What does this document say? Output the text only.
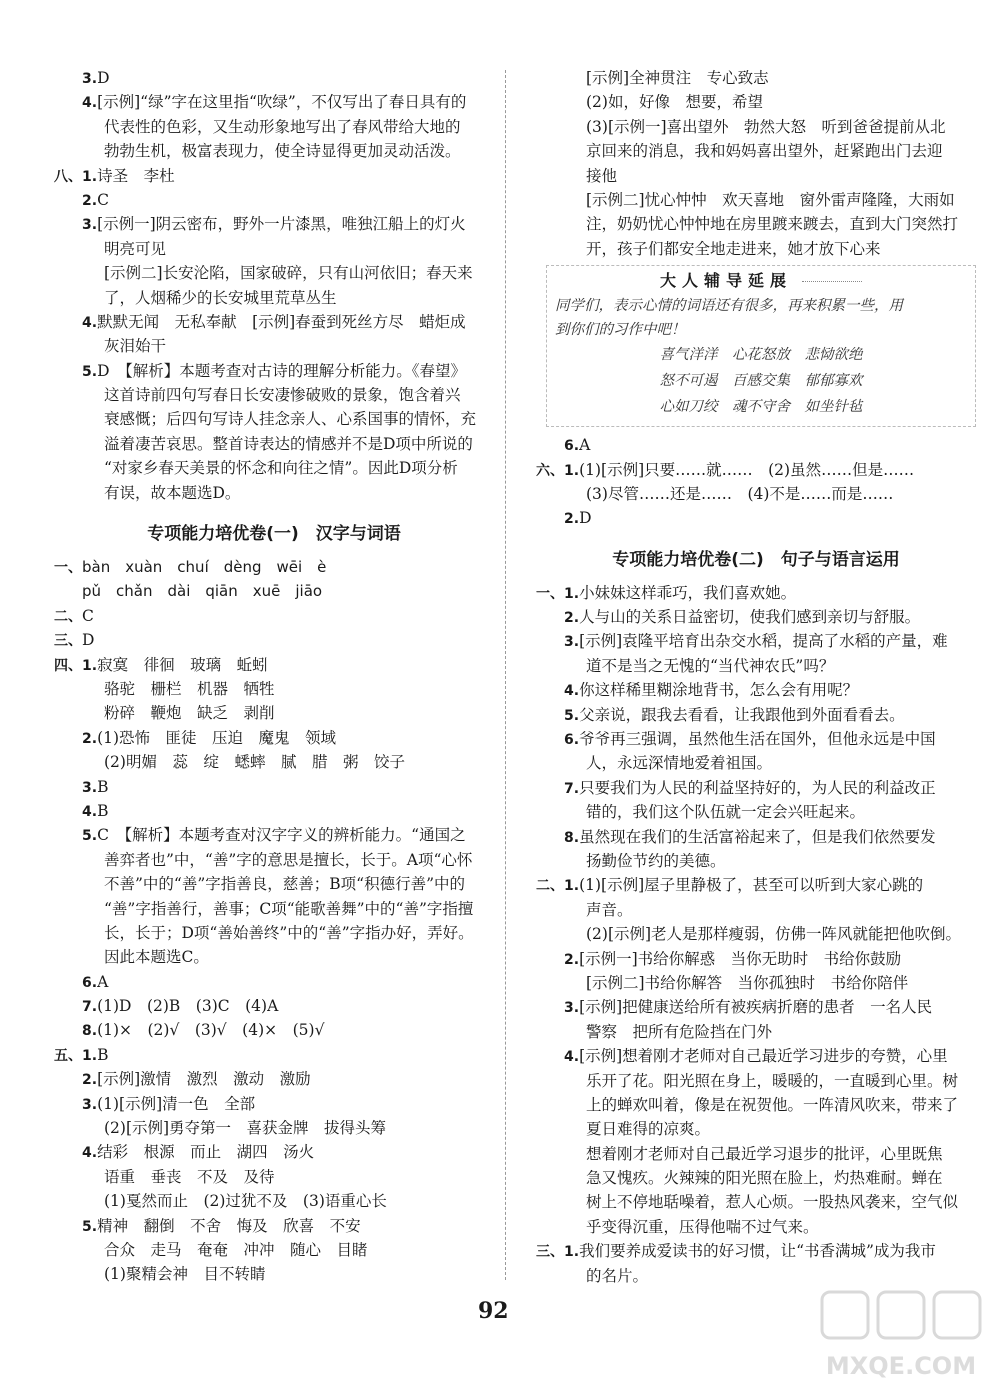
3.D
4.[示例]“绿”字在这里指“吹绿”，不仅写出了春日具有的
代表性的色彩，又生动形象地写出了春风带给大地的
勃勃生机，极富表现力，使全诗显得更加灵动活泼。
八、1.诗圣　李杜
2.C
3.[示例一]阴云密布，野外一片漆黑，唯独江船上的灯火
明亮可见
[示例二]长安沦陷，国家破碎，只有山河依旧；春天来
了，人烟稀少的长安城里荒草丛生
4.默默无闻　无私奉献　[示例]春蚕到死丝方尽　蜡炬成
灰泪始干
5.D　【解析】本题考查对古诗的理解分析能力。《春望》
这首诗前四句写春日长安凄惨破败的景象，饱含着兴
衰感慨；后四句写诗人挂念亲人、心系国事的情怀，充
溢着凄苦哀思。整首诗表达的情感并不是D项中所说的
“对家乡春天美景的怀念和向往之情”。因此D项分析
有误，故本题选D。
专项能力培优卷(一)　汉字与词语
一、bàn　xuàn　chuí　dèng　wēi　è
pǔ　chǎn　dài　qiān　xuē　jiāo
二、C
三、D
四、1.寂寞　徘徊　玻璃　蚯蚓
骆驼　栅栏　机器　牺牲
粉碎　鞭炮　缺乏　剥削
2.(1)恐怖　匪徒　压迫　魔鬼　领域
(2)明媚　蕊　绽　蟋蟀　腻　腊　粥　饺子
3.B
4.B
5.C　【解析】本题考查对汉字字义的辨析能力。“通国之
善弈者也”中，“善”字的意思是擅长，长于。A项“心怀
不善”中的“善”字指善良，慈善；B项“积德行善”中的
“善”字指善行，善事；C项“能歌善舞”中的“善”字指擅
长，长于；D项“善始善终”中的“善”字指办好，弄好。
因此本题选C。
6.A
7.(1)D　(2)B　(3)C　(4)A
8.(1)×　(2)√　(3)√　(4)×　(5)√
五、1.B
2.[示例]激情　激烈　激动　激励
3.(1)[示例]清一色　全部
(2)[示例]勇夺第一　喜获金牌　拔得头筹
4.结彩　根源　而止　湖四　汤火
语重　垂丧　不及　及待
(1)戛然而止　(2)过犹不及　(3)语重心长
5.精神　翻倒　不舍　悔及　欣喜　不安
合众　走马　奄奄　冲冲　随心　目睹
(1)聚精会神　目不转睛
[示例]全神贯注　专心致志
(2)如，好像　想要，希望
(3)[示例一]喜出望外　勃然大怒　听到爸爸提前从北
京回来的消息，我和妈妈喜出望外，赶紧跑出门去迎
接他
[示例二]忧心忡忡　欢天喜地　窗外雷声隆隆，大雨如
注，奶奶忧心忡忡地在房里踱来踱去，直到大门突然打
开，孩子们都安全地走进来，她才放下心来
大人辅导延展
同学们，表示心情的词语还有很多，再来积累一些，用
到你们的习作中吧！
喜气洋洋　心花怒放　悲恸欲绝
怒不可遏　百感交集　郁郁寡欢
心如刀绞　魂不守舍　如坐针毡
6.A
六、1.(1)[示例]只要……就……　(2)虽然……但是……
(3)尽管……还是……　(4)不是……而是……
2.D
专项能力培优卷(二)　句子与语言运用
一、1.小妹妹这样乖巧，我们喜欢她。
2.人与山的关系日益密切，使我们感到亲切与舒服。
3.[示例]袁隆平培育出杂交水稻，提高了水稻的产量，难
道不是当之无愧的“当代神农氏”吗？
4.你这样稀里糊涂地背书，怎么会有用呢？
5.父亲说，跟我去看看，让我跟他到外面看看去。
6.爷爷再三强调，虽然他生活在国外，但他永远是中国
人，永远深情地爱着祖国。
7.只要我们为人民的利益坚持好的，为人民的利益改正
错的，我们这个队伍就一定会兴旺起来。
8.虽然现在我们的生活富裕起来了，但是我们依然要发
扬勤俭节约的美德。
二、1.(1)[示例]屋子里静极了，甚至可以听到大家心跳的
声音。
(2)[示例]老人是那样瘦弱，仿佛一阵风就能把他吹倒。
2.[示例一]书给你解惑　当你无助时　书给你鼓励
[示例二]书给你解答　当你孤独时　书给你陪伴
3.[示例]把健康送给所有被疾病折磨的患者　一名人民
警察　把所有危险挡在门外
4.[示例]想着刚才老师对自己最近学习进步的夸赞，心里
乐开了花。阳光照在身上，暖暖的，一直暖到心里。树
上的蝉欢叫着，像是在祝贺他。一阵清风吹来，带来了
夏日难得的凉爽。
想着刚才老师对自己最近学习退步的批评，心里既焦
急又愧疚。火辣辣的阳光照在脸上，灼热难耐。蝉在
树上不停地聒噪着，惹人心烦。一股热风袭来，空气似
乎变得沉重，压得他喘不过气来。
三、1.我们要养成爱读书的好习惯，让“书香满城”成为我市
的名片。
92
MXQE.COM
